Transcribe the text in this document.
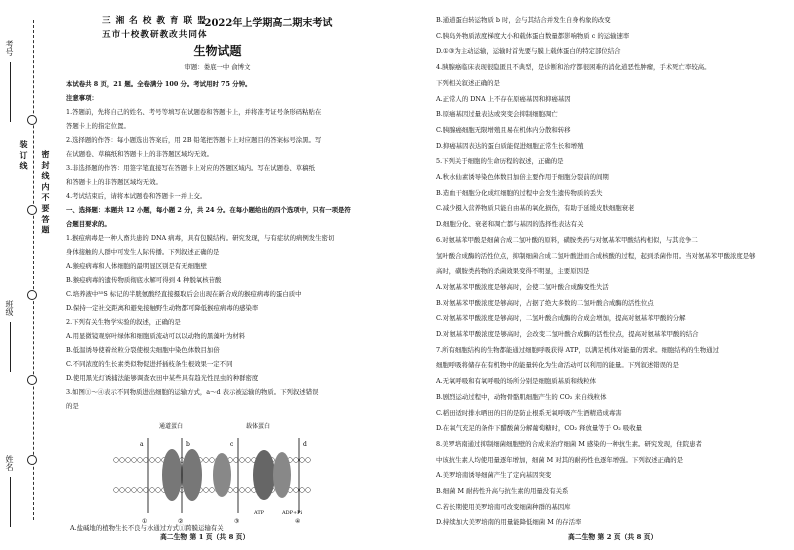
装 订 线 密 封 线 内 不 要 答 题
考号
班级
姓名
三 湘 名 校 教 育 联 盟
·2022年上学期高二期末考试
五市十校教研教改共同体
生物试题
审题：娄底一中 俞博文
本试卷共 8 页，21 题。全卷满分 100 分。考试用时 75 分钟。
注意事项：
1.答题前，先将自己的姓名、考号等填写在试题卷和答题卡上，并将准考证号条形码粘贴在
答题卡上的指定位置。
2.选择题的作答：每小题选出答案后，用 2B 铅笔把答题卡上对应题目的答案标号涂黑。写
在试题卷、草稿纸和答题卡上的非答题区域均无效。
3.非选择题的作答：用签字笔直接写在答题卡上对应的答题区域内。写在试题卷、草稿纸
和答题卡上的非答题区域均无效。
4.考试结束后，请将本试题卷和答题卡一并上交。
一、选择题：本题共 12 小题，每小题 2 分，共 24 分。在每小题给出的四个选项中，只有一项是符
合题目要求的。
1.猴痘病毒是一种人畜共患的 DNA 病毒，具有包膜结构。研究发现，与有症状的病例发生密切
身体接触的人群中可发生人际传播。下列叙述正确的是
A.猴痘病毒和人体细胞的最明显区别是有无细胞壁
B.猴痘病毒的遗传物质彻底水解可得到 4 种脱氧核苷酸
C.培养液中³⁵S 标记的半胱氨酸经直接摄取后会出现在新合成的猴痘病毒的蛋白质中
D.保持一定社交距离和避免接触野生动物都可降低猴痘病毒的感染率
2.下列有关生物学实验的叙述，正确的是
A.用显微镜观察叶绿体和细胞质流动可以以动物的黑藻叶为材料
B.低温诱导使着丝粒分裂使根尖细胞中染色体数目加倍
C.不同浓度的生长素类似物促进扦插枝条生根效果一定不同
D.使用黑光灯诱捕法能够调查农田中某些具有趋光性昆虫的种群密度
3.如图①～④表示不同物质进出细胞的运输方式，a～d 表示被运输的物质。下列叙述错误
的是
通道蛋白	载体蛋白
a	b	c	d
①	②	③	④
ATP	ADP+Pi
A.盐碱地的植物生长不良与水通过方式①跨膜运输有关
B.通道蛋白转运物质 b 时，会与其结合并发生自身构象的改变
C.胰岛外物质浓度梯度大小和载体蛋白数量都影响物质 c 的运输速率
D.①③为主动运输，运输时首先要与膜上载体蛋白的特定部位结合
4.胰腺癌临床表现很隐匿且不典型，是诊断和治疗都很困难的消化道恶性肿瘤，手术死亡率较高。
下列相关叙述正确的是
A.正常人的 DNA 上不存在原癌基因和抑癌基因
B.原癌基因过量表达或突变会抑制细胞凋亡
C.胰腺癌细胞无限增殖且易在机体内分散和转移
D.抑癌基因表达的蛋白质能促进细胞正常生长和增殖
5.下列关于细胞的生命历程的叙述，正确的是
A.秋水仙素诱导染色体数目加倍主要作用于细胞分裂前的间期
B.造血干细胞分化成红细胞的过程中会发生遗传物质的丢失
C.减少摄入营养物质只能自由基的氧化损伤，有助于延缓皮肤细胞衰老
D.细胞分化、衰老和凋亡都与基因的选择性表达有关
6.对氨基苯甲酸是细菌合成二氢叶酸的原料，磺胺类药与对氨基苯甲酸结构相似，与其竞争二
氢叶酸合成酶的活性位点，抑制细菌合成二氢叶酸进而合成核酸的过程，起到杀菌作用。当对氨基苯甲酸浓度是够
高时，磺胺类药物的杀菌效果变得不明显，主要原因是
A.对氨基苯甲酸浓度是够高时，会使二氢叶酸合成酶变性失活
B.对氨基苯甲酸浓度是够高时，占据了绝大多数的二氢叶酸合成酶的活性位点
C.对氨基苯甲酸浓度是够高时，二氢叶酸合成酶的合成会增加，提高对氨基苯甲酸的分解
D.对氨基苯甲酸浓度是够高时，会改变二氢叶酸合成酶的活性位点，提高对氨基苯甲酸的结合
7.所有细胞结构的生物都能通过细胞呼吸获得 ATP，以满足机体对能量的需求。细胞结构的生物通过
细胞呼吸将储存在有机物中的能量转化为生命活动可以利用的能量。下列叙述错误的是
A.无氧呼吸和有氧呼吸的场所分别是细胞质基质和线粒体
B.剧烈运动过程中，动物骨骼肌细胞产生的 CO₂ 来自线粒体
C.稻田适时排水晒田的目的是防止根系无氧呼吸产生酒精造成毒害
D.在氧气充足的条件下醋酸菌分解葡萄糖时，CO₂ 释放量等于 O₂ 吸收量
8.美罗培南通过抑制细菌细胞壁的合成来治疗细菌 M 感染的一种抗生素。研究发现，住院患者
中该抗生素人均使用量逐年增加，细菌 M 对其的耐药性也逐年增强。下列叙述正确的是
A.美罗培南诱导细菌产生了定向基因突变
B.细菌 M 耐药性升高与抗生素的用量没有关系
C.若长期使用美罗培南可改变细菌种群的基因库
D.持续加大美罗培南的用量能降低细菌 M 的存活率
高二生物 第 1 页（共 8 页）	高二生物 第 2 页（共 8 页）
